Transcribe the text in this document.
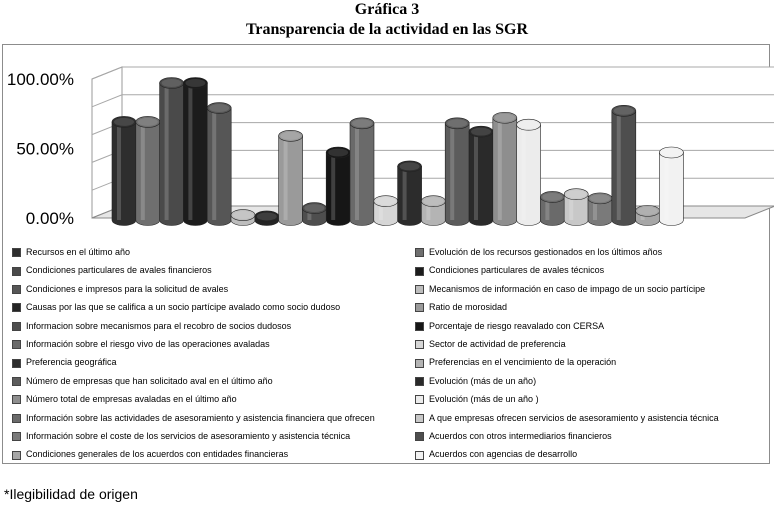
Gráfica 3
Transparencia de la actividad en las SGR
0.00%
50.00%
100.00%
Recursos en el último año	Evolución de los recursos gestionados en los últimos años
Condiciones particulares de avales financieros	Condiciones particulares de avales técnicos
Condiciones e impresos para la solicitud de avales	Mecanismos de información en caso de impago de un socio partícipe
Causas por las que se califica a un socio partícipe avalado como socio dudoso	Ratio de morosidad
Informacion sobre mecanismos para el recobro de socios dudosos	Porcentaje de riesgo reavalado con CERSA
Información sobre el riesgo vivo de las operaciones avaladas	Sector de actividad de preferencia
Preferencia geográfica	Preferencias en el vencimiento de la operación
Número de empresas que han solicitado aval en el último año	Evolución (más de un año)
Número total de empresas avaladas en el último año	Evolución (más de un año )
Información sobre las actividades de asesoramiento y asistencia financiera que ofrecen	A que empresas ofrecen servicios de asesoramiento y asistencia técnica
Información sobre el coste de los servicios de asesoramiento y asistencia técnica	Acuerdos con otros intermediarios financieros
Condiciones generales de los acuerdos con entidades financieras	Acuerdos con agencias de desarrollo
*Ilegibilidad de origen
